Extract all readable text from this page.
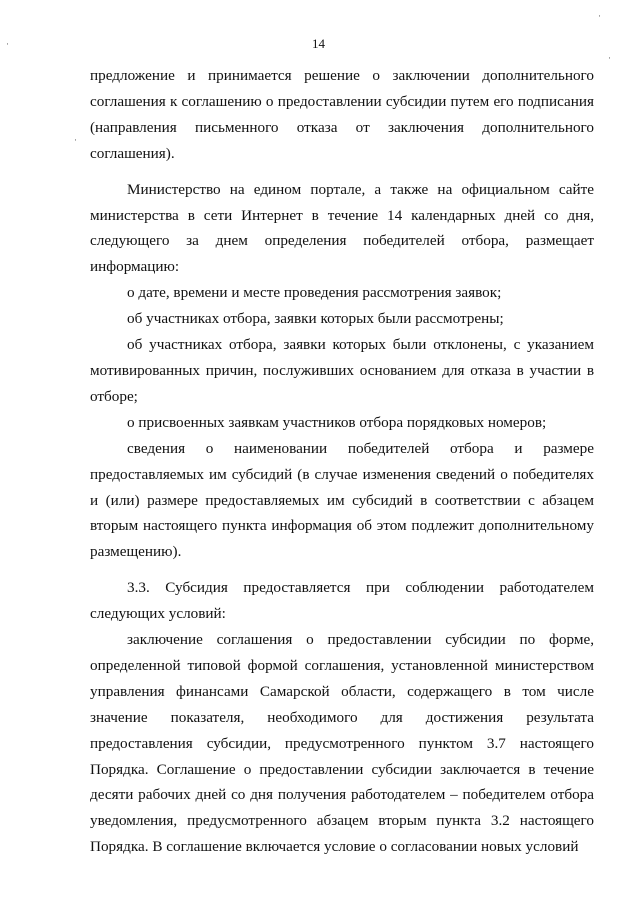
·
·
·
·
14

предложение и принимается решение о заключении дополнительного соглашения к соглашению о предоставлении субсидии путем его подписания (направления письменного отказа от заключения дополнительного соглашения).

Министерство на едином портале, а также на официальном сайте министерства в сети Интернет в течение 14 календарных дней со дня, следующего за днем определения победителей отбора, размещает информацию:

о дате, времени и месте проведения рассмотрения заявок;

об участниках отбора, заявки которых были рассмотрены;

об участниках отбора, заявки которых были отклонены, с указанием мотивированных причин, послуживших основанием для отказа в участии в отборе;

о присвоенных заявкам участников отбора порядковых номеров;

сведения о наименовании победителей отбора и размере предоставляемых им субсидий (в случае изменения сведений о победителях и (или) размере предоставляемых им субсидий в соответствии с абзацем вторым настоящего пункта информация об этом подлежит дополнительному размещению).

3.3. Субсидия предоставляется при соблюдении работодателем следующих условий:

заключение соглашения о предоставлении субсидии по форме, определенной типовой формой соглашения, установленной министерством управления финансами Самарской области, содержащего в том числе значение показателя, необходимого для достижения результата предоставления субсидии, предусмотренного пунктом 3.7 настоящего Порядка. Соглашение о предоставлении субсидии заключается в течение десяти рабочих дней со дня получения работодателем – победителем отбора уведомления, предусмотренного абзацем вторым пункта 3.2 настоящего Порядка. В соглашение включается условие о согласовании новых условий
